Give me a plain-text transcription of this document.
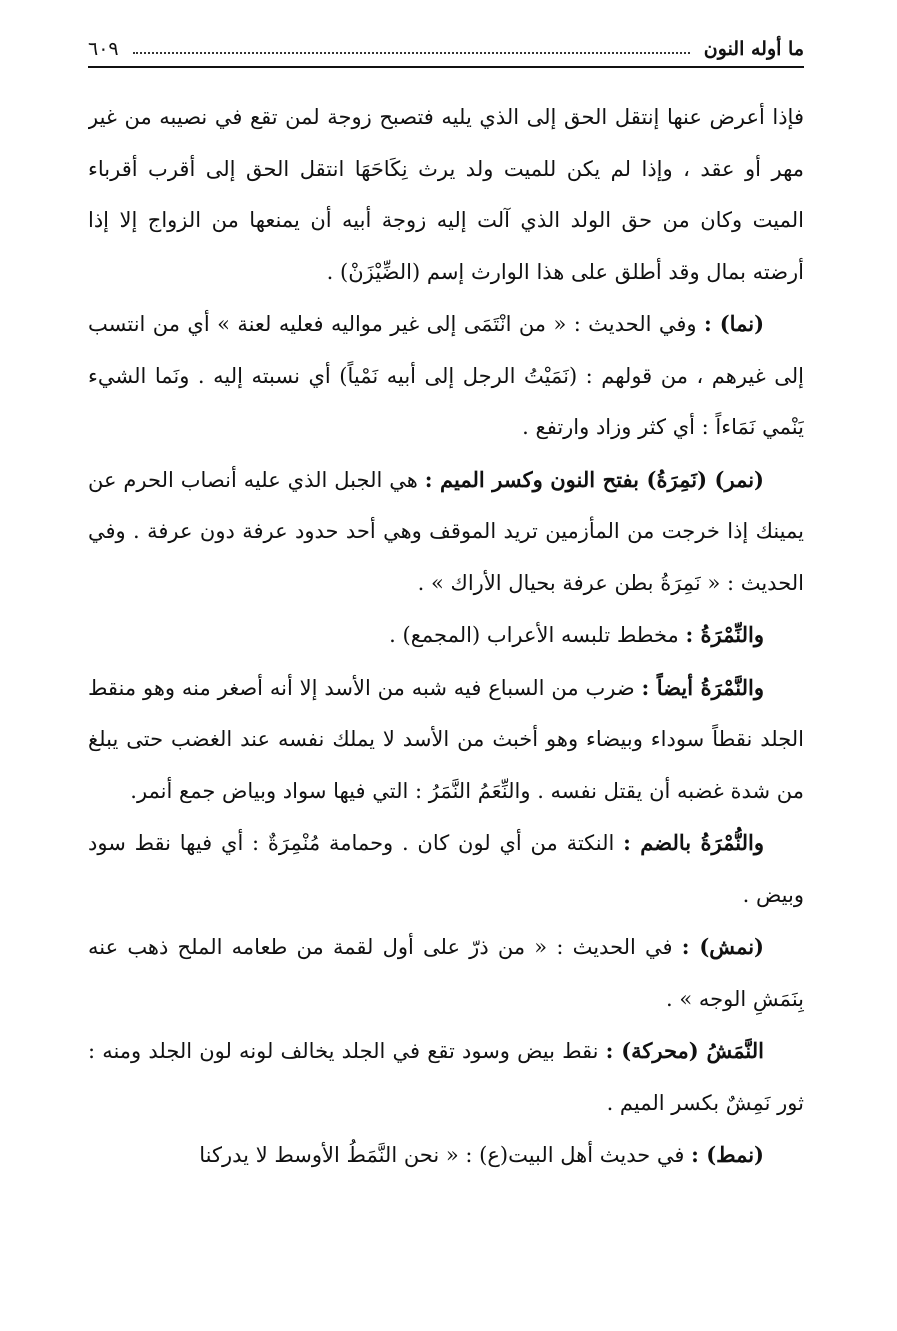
ما أوله النون
٦٠٩

فإذا أعرض عنها إنتقل الحق إلى الذي يليه فتصبح زوجة لمن تقع في نصيبه من غير مهر أو عقد ، وإذا لم يكن للميت ولد يرث نِكَاحَهَا انتقل الحق إلى أقرب أقرباء الميت وكان من حق الولد الذي آلت إليه زوجة أبيه أن يمنعها من الزواج إلا إذا أرضته بمال وقد أطلق على هذا الوارث إسم (الضِّيْزَنْ) .

(نما) : وفي الحديث : « من انْتَمَى إلى غير مواليه فعليه لعنة » أي من انتسب إلى غيرهم ، من قولهم : (نَمَيْتُ الرجل إلى أبيه نَمْياً) أي نسبته إليه . ونَما الشيء يَنْمي نَمَاءاً : أي كثر وزاد وارتفع .

(نمر) (نَمِرَةُ) بفتح النون وكسر الميم : هي الجبل الذي عليه أنصاب الحرم عن يمينك إذا خرجت من المأزمين تريد الموقف وهي أحد حدود عرفة دون عرفة . وفي الحديث : « نَمِرَةُ بطن عرفة بحيال الأراك » .

والنِّمْرَةُ : مخطط تلبسه الأعراب (المجمع) .

والنَّمْرَةُ أيضاً : ضرب من السباع فيه شبه من الأسد إلا أنه أصغر منه وهو منقط الجلد نقطاً سوداء وبيضاء وهو أخبث من الأسد لا يملك نفسه عند الغضب حتى يبلغ من شدة غضبه أن يقتل نفسه . والنِّعَمُ النَّمَرُ : التي فيها سواد وبياض جمع أنمر.

والنُّمْرَةُ بالضم : النكتة من أي لون كان . وحمامة مُنْمِرَةٌ : أي فيها نقط سود وبيض .

(نمش) : في الحديث : « من ذرّ على أول لقمة من طعامه الملح ذهب عنه بِنَمَشِ الوجه » .

النَّمَشُ (محركة) : نقط بيض وسود تقع في الجلد يخالف لونه لون الجلد ومنه : ثور نَمِشٌ بكسر الميم .

(نمط) : في حديث أهل البيت(ع) : « نحن النَّمَطُ الأوسط لا يدركنا
